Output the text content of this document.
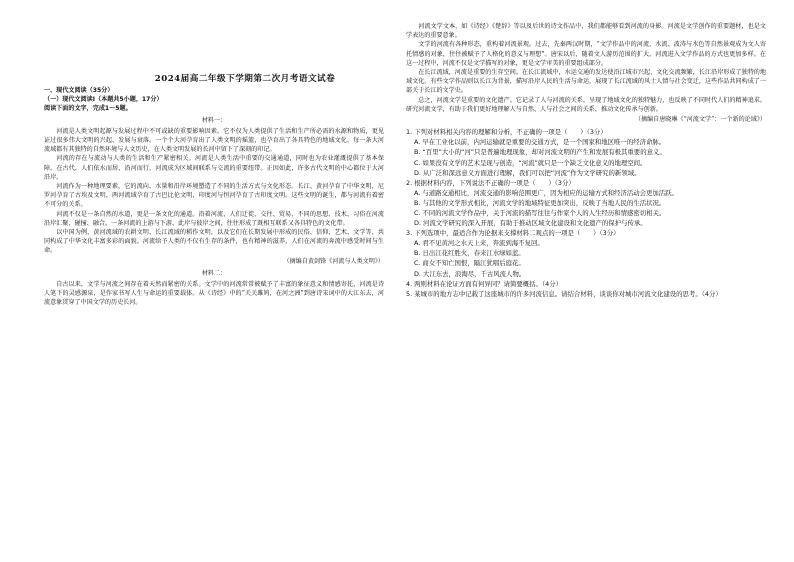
2024届高二年级下学期第二次月考语文试卷
一、现代文阅读（35分）
（一）现代文阅读Ⅰ（本题共5小题，17分）
阅读下面的文字，完成1～5题。
材料一：

河流是人类文明起源与发展过程中不可或缺的重要影响因素。它不仅为人类提供了生活和生产所必需的水源和物质，更见证过很多伟大文明的兴起、发展与衰落。一个个大河孕育出了人类文明的摇篮，也孕育出了各具特色的地域文化。每一条大河流域都有其独特的自然环境与人文历史，在人类文明发展的长河中留下了深刻的印记。

河流的存在与流动与人类的生活和生产紧密相关。河流是人类生活中重要的交通通道，同时也为农业灌溉提供了基本保障。在古代，人们依水而居，沿河而行，河流成为区域间联系与交流的重要纽带。正因如此，许多古代文明的中心都位于大河沿岸。

河流作为一种地理要素，它的流向、水量和沿岸环境塑造了不同的生活方式与文化形态。长江、黄河孕育了中华文明，尼罗河孕育了古埃及文明，两河流域孕育了古巴比伦文明，印度河与恒河孕育了古印度文明。这些文明的诞生，都与河流有着密不可分的关系。

河流不仅是一条自然的水道，更是一条文化的通道。沿着河流，人们迁徙、交往、贸易，不同的思想、技术、习俗在河流沿岸汇聚、碰撞、融合。一条河流的上游与下游、此岸与彼岸之间，往往形成了既相互联系又各具特色的文化带。

以中国为例，黄河流域的农耕文明、长江流域的稻作文明，以及它们在长期发展中形成的民俗、信仰、艺术、文学等，共同构成了中华文化丰富多彩的面貌。河流给予人类的不仅有生存的条件，也有精神的滋养，人们在河流的奔流中感受时间与生命。

（摘编自黄剑锋《河流与人类文明》）
材料二：

自古以来，文学与河流之间存在着天然而紧密的关系。文学中的河流常常被赋予了丰富的象征意义和情感寄托，河流是诗人笔下的灵感源泉，是作家书写人生与命运的重要载体。从《诗经》中的“关关雎鸠，在河之洲”到唐诗宋词中的大江东去，河流意象贯穿了中国文学的历史长河。

河流文学文本，如《诗经》《楚辞》等以及后世的诗文作品中，我们都能够看到河流的身影。河流是文学创作的重要题材，也是文学表达的重要意象。

文学的河流有各种形态，重构着河流景观。过去，先秦两汉时期，“文学作品中的河流，水流、波涛与水色等自然景观成为文人寄托情感的对象，往往被赋予了人格化的意义与理想”。唐宋以后，随着文人游历范围的扩大，河流进入文学作品的方式也更加多样。在这一过程中，河流不仅是文学描写的对象，更是文学审美的重要组成部分。

在长江流域，河流是重要的生存空间。在长江流域中，水运交通的发达使沿江城市兴起、文化交流频繁，长江沿岸形成了独特的地域文化。有些文学作品则以长江为背景，描写沿岸人民的生活与命运，展现了长江流域的风土人情与社会变迁，这些作品共同构成了一部关于长江的文学史。

总之，河流文学是重要的文化遗产。它记录了人与河流的关系，呈现了地域文化的独特魅力，也反映了不同时代人们的精神追求。研究河流文学，有助于我们更好地理解人与自然、人与社会之间的关系，推动文化传承与创新。

（摘编自唐晓琳《“河流文学”：一个新的论域》）
1. 下列对材料相关内容的理解和分析，不正确的一项是（　　）（3分）
A. 早在工业化以前，内河运输就是重要的交通方式，是一个国家和地区唯一的经济命脉。
B. “百里”大小的“河”只是普遍地理现象，却对河流文明的产生和发展有极其重要的意义。
C. 如果没有文学的艺术呈现与创造，“河流”就只是一个缺乏文化意义的地理空间。
D. 从广泛和深远意义方面进行理解，我们可以把“河流”作为文学研究的新领域。
2. 根据材料内容，下列说法不正确的一项是（　　）（3分）
A. 与道路交通相比，河流交通的影响范围更广，因为相应的运输方式和经济活动会更加活跃。
B. 与其他的文学形式相比，河流文学的地域特征更加突出，反映了当地人民的生活状况。
C. 不同的河流文学作品中，关于河流的描写往往与作家个人的人生经历和情感密切相关。
D. 河流文学研究的深入开展，有助于推动区域文化建设和文化遗产的保护与传承。
3. 下列选项中，最适合作为论据来支撑材料二观点的一项是（　　）（3分）
A. 君不见黄河之水天上来，奔流到海不复回。
B. 日出江花红胜火，春来江水绿如蓝。
C. 商女不知亡国恨，隔江犹唱后庭花。
D. 大江东去，浪淘尽，千古风流人物。
4. 两则材料在论证方面有何异同？请简要概括。（4分）
5. 某城市的地方志中记载了这座城市的许多河流信息。请结合材料，谈谈你对城市河流文化建设的思考。（4分）
